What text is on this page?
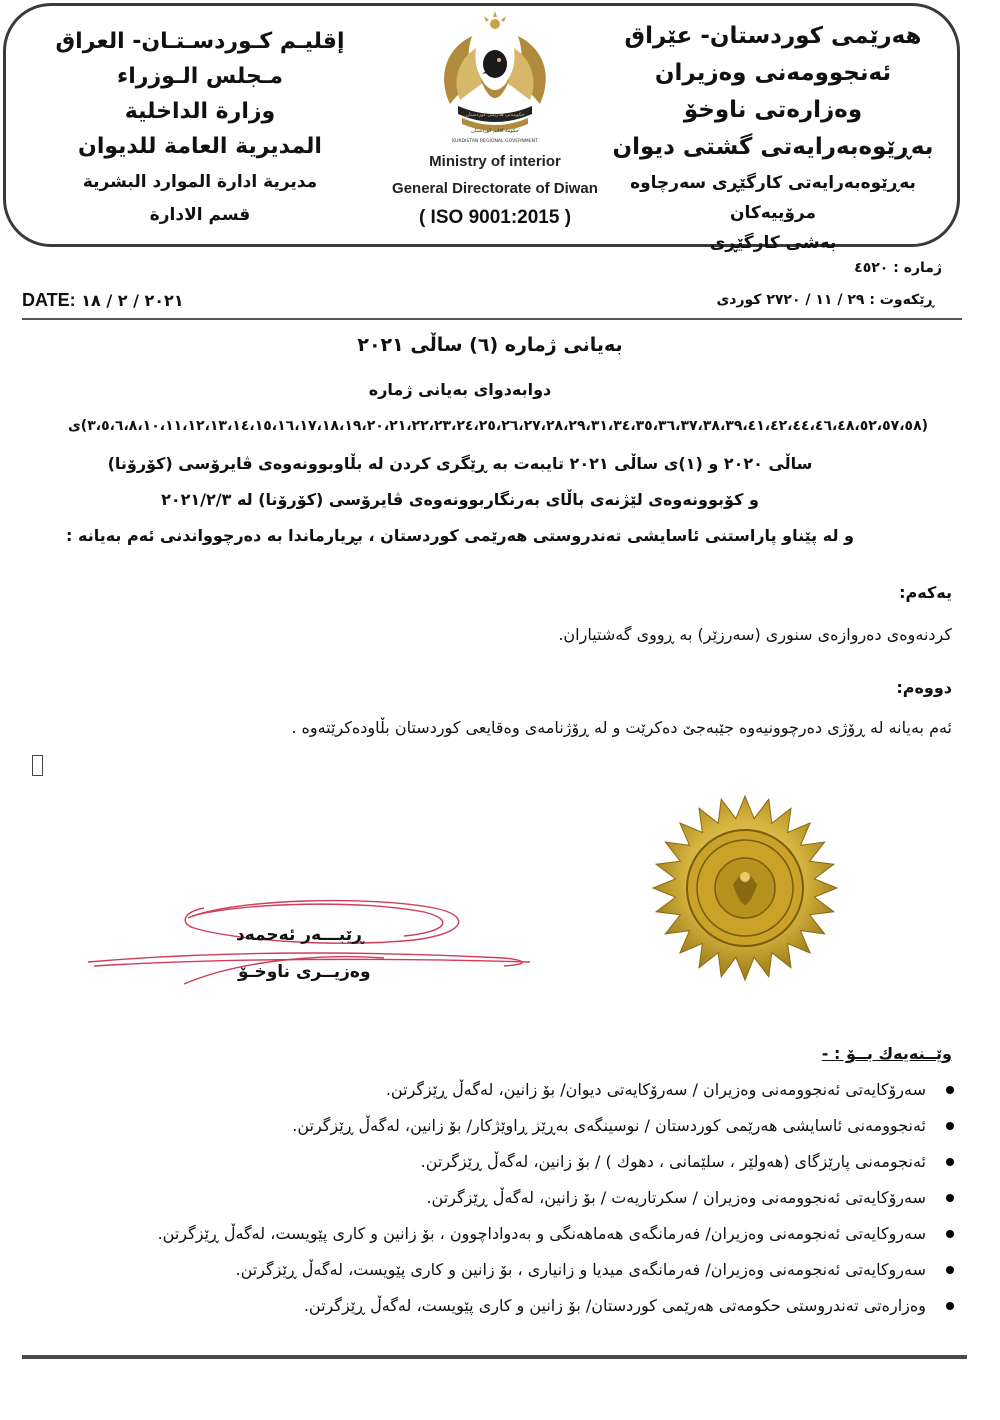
هەرێمی کوردستان- عێراق
ئەنجوومەنی وەزیران
وەزارەتی ناوخۆ
بەڕێوەبەرایەتی گشتی دیوان
بەڕێوەبەرایەتی کارگێڕی سەرچاوە مرۆییەکان
بەشی کارگێڕی
إقليـم كـوردسـتـان- العراق
مـجلس الـوزراء
وزارة الداخلية
المديرية العامة للديوان
مديرية ادارة الموارد البشرية
قسم الادارة
حكومەتی هەرێمی کوردستان
حكومة اقليم كوردستان
KURDISTAN REGIONAL GOVERNMENT
Ministry of interior
General Directorate of Diwan
( ISO 9001:2015 )
ژمارە : ٤٥٢٠
ڕێکەوت : ٢٩ / ١١ / ٢٧٢٠ کوردی
DATE: ٢٠٢١ / ٢ / ١٨
بەیانی ژمارە (٦) ساڵی ٢٠٢١
دوابەدوای بەیانی ژمارە
(٣،٥،٦،٨،١٠،١١،١٢،١٣،١٤،١٥،١٦،١٧،١٨،١٩،٢٠،٢١،٢٢،٢٣،٢٤،٢٥،٢٦،٢٧،٢٨،٢٩،٣١،٣٤،٣٥،٣٦،٣٧،٣٨،٣٩،٤١،٤٢،٤٤،٤٦،٤٨،٥٢،٥٧،٥٨)ی
ساڵی ٢٠٢٠ و (١)ی ساڵی ٢٠٢١ تایبەت بە ڕێگری کردن لە بڵاوبوونەوەی ڤایرۆسی (کۆرۆنا)
و کۆبوونەوەی لێژنەی باڵای بەرنگاربوونەوەی ڤایرۆسی (کۆرۆنا) لە ٢٠٢١/٢/٣
و لە پێناو پاراستنی ئاسایشی تەندروستی هەرێمی کوردستان ، بڕیارماندا بە دەرچوواندنی ئەم بەیانە :
یەکەم:
کردنەوەی دەروازەی سنوری (سەرزێر) بە ڕووی گەشتیاران.
دووەم:
ئەم بەیانە لە ڕۆژی دەرچوونیەوە جێبەجێ دەکرێت و لە ڕۆژنامەی وەقایعی کوردستان بڵاودەکرێتەوە .
ڕێبـــەر ئەحمەد
وەزیــری ناوخـۆ
وێــنەیەك بــۆ : -
سەرۆکایەتی ئەنجوومەنی وەزیران / سەرۆکایەتی دیوان/ بۆ زانین، لەگەڵ ڕێزگرتن.
ئەنجوومەنی ئاسایشی هەرێمی کوردستان / نوسینگەی بەڕێز ڕاوێژکار/ بۆ زانین، لەگەڵ ڕێزگرتن.
ئەنجومەنی پارێزگای (هەولێر ، سلێمانی ، دهوك ) / بۆ زانین، لەگەڵ ڕێزگرتن.
سەرۆکایەتی ئەنجوومەنی وەزیران / سکرتاریەت / بۆ زانین، لەگەڵ ڕێزگرتن.
سەروکایەتی ئەنجومەنی وەزیران/ فەرمانگەی هەماهەنگی و بەدواداچوون ، بۆ زانین و کاری پێویست، لەگەڵ ڕێزگرتن.
سەروکایەتی ئەنجومەنی وەزیران/ فەرمانگەی میدیا و زانیاری ، بۆ زانین و کاری پێویست، لەگەڵ ڕێزگرتن.
وەزارەتی تەندروستی حکومەتی هەرێمی کوردستان/ بۆ زانین و کاری پێویست، لەگەڵ ڕێزگرتن.
